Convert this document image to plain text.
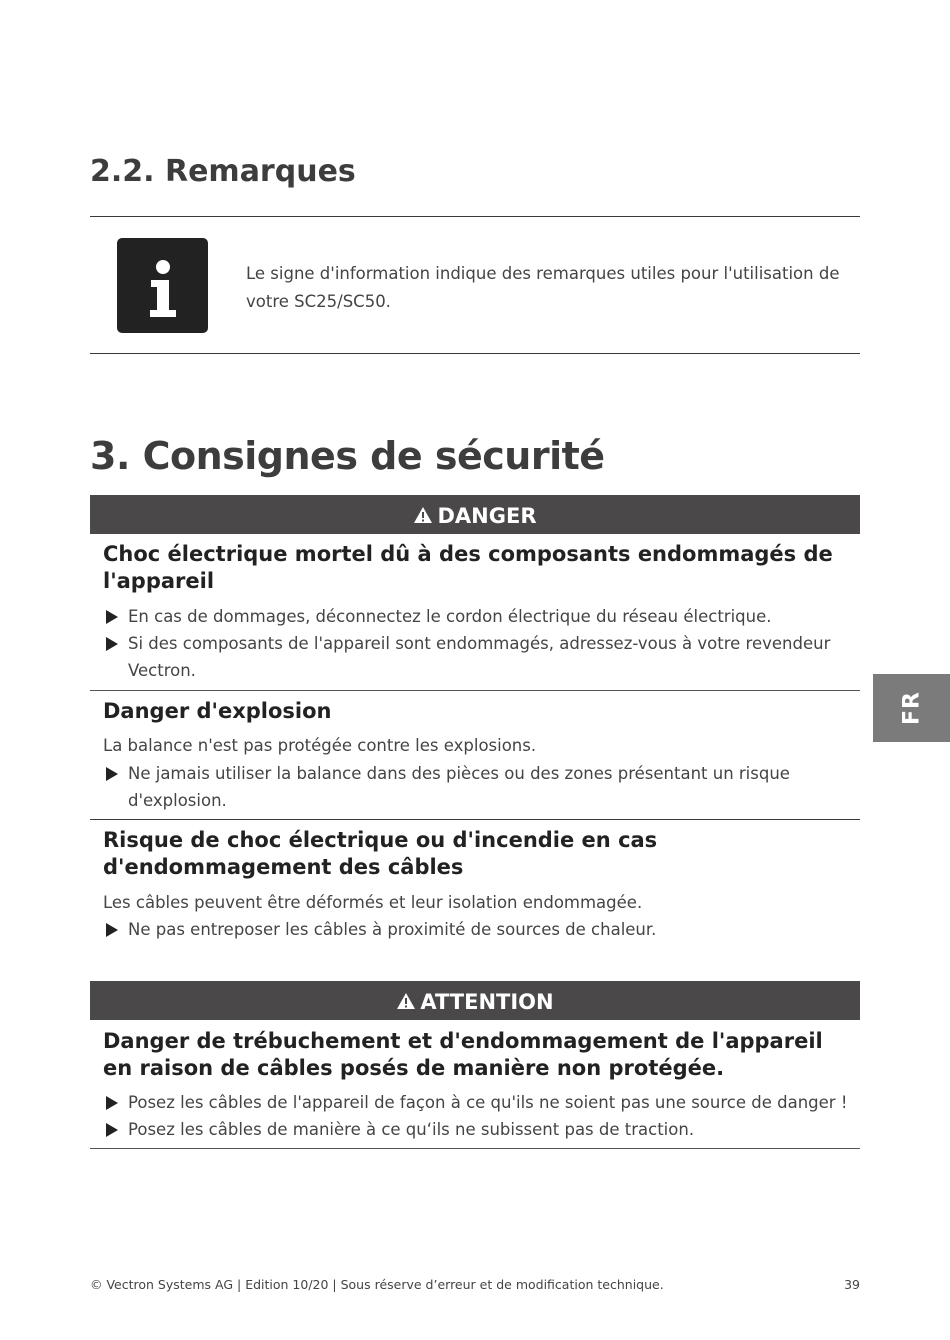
2.2. Remarques
Le signe d'information indique des remarques utiles pour l'utilisation de votre SC25/SC50.
3. Consignes de sécurité
DANGER
Choc électrique mortel dû à des composants endommagés de l'appareil
En cas de dommages, déconnectez le cordon électrique du réseau électrique.
Si des composants de l'appareil sont endommagés, adressez-vous à votre revendeur Vectron.
Danger d'explosion
La balance n'est pas protégée contre les explosions.
Ne jamais utiliser la balance dans des pièces ou des zones présentant un risque d'explosion.
Risque de choc électrique ou d'incendie en cas d'endommagement des câbles
Les câbles peuvent être déformés et leur isolation endommagée.
Ne pas entreposer les câbles à proximité de sources de chaleur.
ATTENTION
Danger de trébuchement et d'endommagement de l'appareil en raison de câbles posés de manière non protégée.
Posez les câbles de l'appareil de façon à ce qu'ils ne soient pas une source de danger !
Posez les câbles de manière à ce qu‘ils ne subissent pas de traction.
FR
© Vectron Systems AG | Edition 10/20 | Sous réserve d’erreur et de modification technique.	39
